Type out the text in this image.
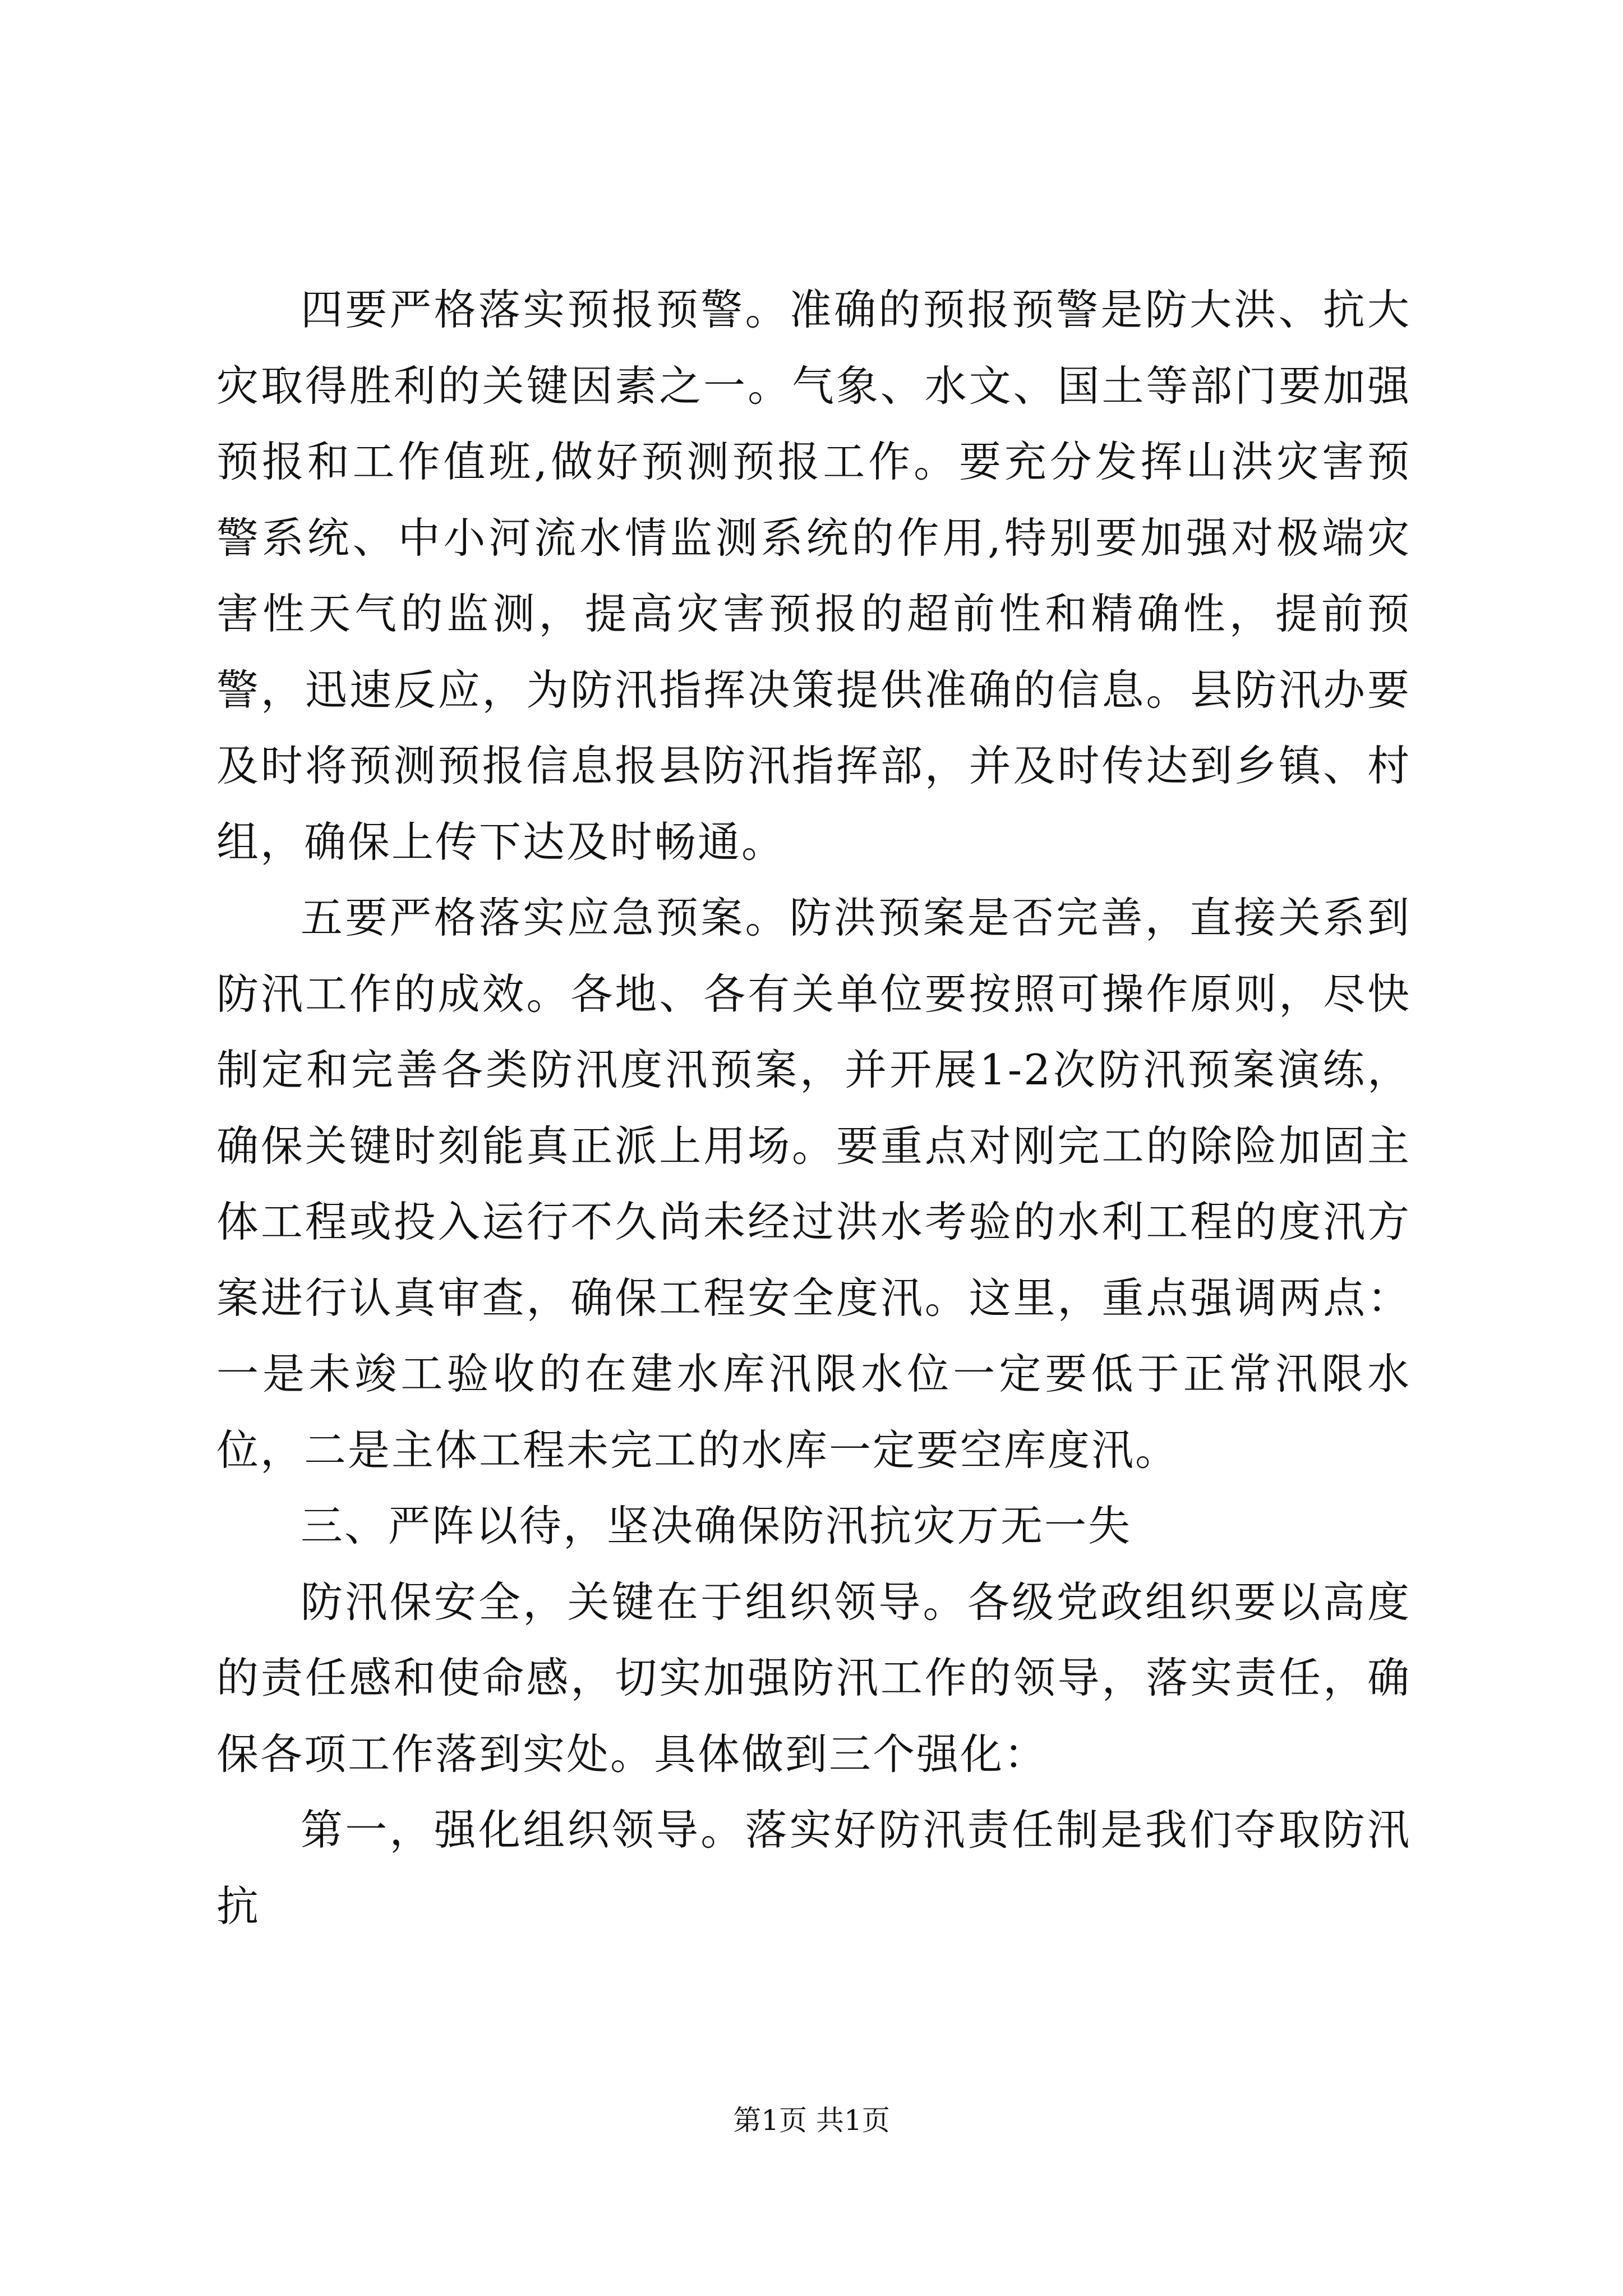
四要严格落实预报预警。准确的预报预警是防大洪、抗大灾取得胜利的关键因素之一。气象、水文、国土等部门要加强预报和工作值班,做好预测预报工作。要充分发挥山洪灾害预警系统、中小河流水情监测系统的作用,特别要加强对极端灾害性天气的监测，提高灾害预报的超前性和精确性，提前预警，迅速反应，为防汛指挥决策提供准确的信息。县防汛办要及时将预测预报信息报县防汛指挥部，并及时传达到乡镇、村组，确保上传下达及时畅通。

五要严格落实应急预案。防洪预案是否完善，直接关系到防汛工作的成效。各地、各有关单位要按照可操作原则，尽快制定和完善各类防汛度汛预案，并开展1-2次防汛预案演练，确保关键时刻能真正派上用场。要重点对刚完工的除险加固主体工程或投入运行不久尚未经过洪水考验的水利工程的度汛方案进行认真审查，确保工程安全度汛。这里，重点强调两点：一是未竣工验收的在建水库汛限水位一定要低于正常汛限水位，二是主体工程未完工的水库一定要空库度汛。

三、严阵以待，坚决确保防汛抗灾万无一失

防汛保安全，关键在于组织领导。各级党政组织要以高度的责任感和使命感，切实加强防汛工作的领导，落实责任，确保各项工作落到实处。具体做到三个强化：

第一，强化组织领导。落实好防汛责任制是我们夺取防汛抗

第1页 共1页
